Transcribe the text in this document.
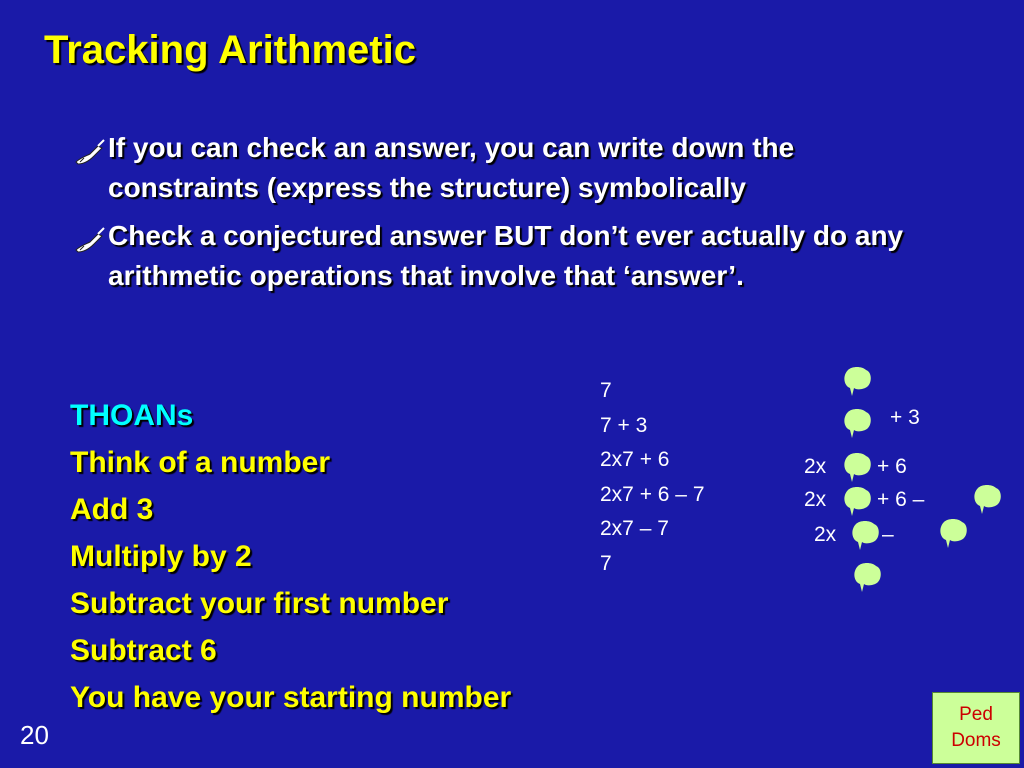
Tracking Arithmetic
If you can check an answer, you can write down the constraints (express the structure) symbolically
Check a conjectured answer BUT don’t ever actually do any arithmetic operations that involve that ‘answer’.
THOANs
Think of a number
Add 3
Multiply by 2
Subtract your first number
Subtract 6
You have your starting number
7
7 + 3
2x7 + 6
2x7 + 6 – 7
2x7 – 7
7
+ 3
2x + 6
2x + 6 –
2x –
20
Ped
Doms
